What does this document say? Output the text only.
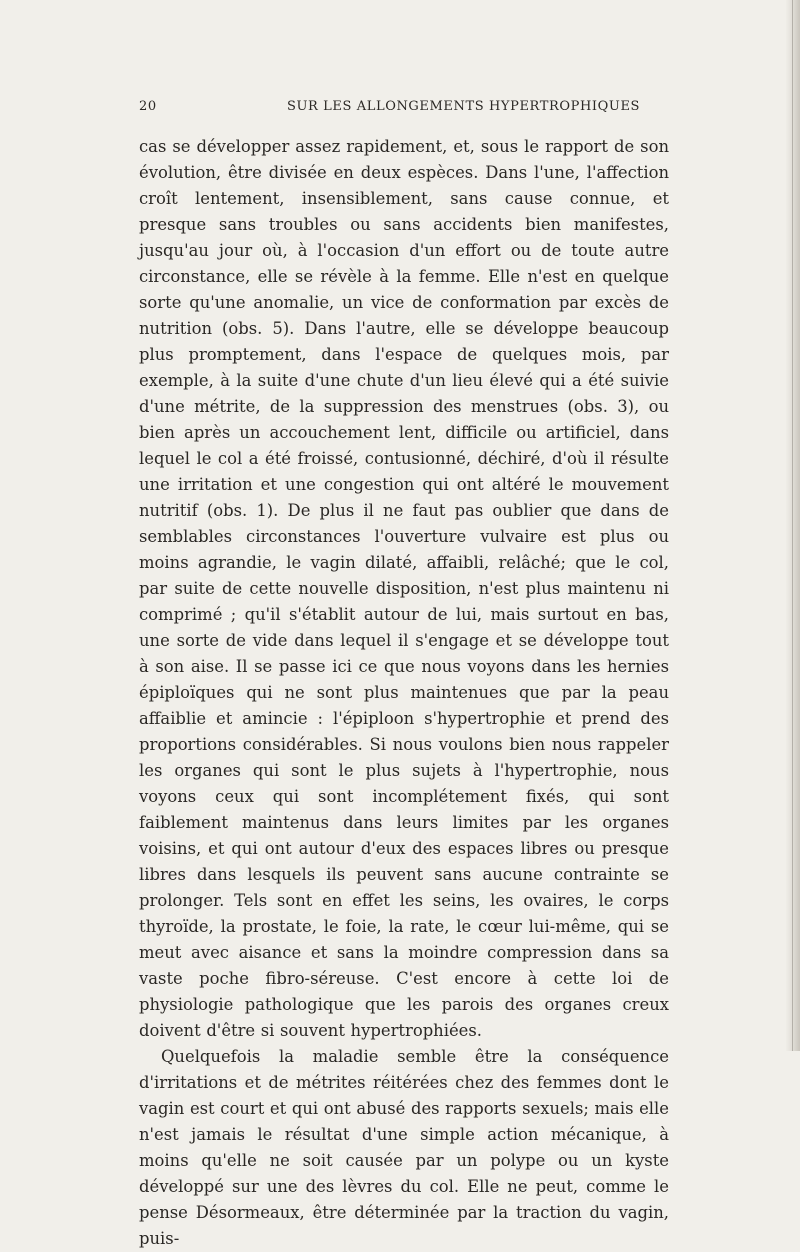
20	SUR LES ALLONGEMENTS HYPERTROPHIQUES

cas se développer assez rapidement, et, sous le rapport de son évolution, être divisée en deux espèces. Dans l'une, l'affection croît lentement, insensiblement, sans cause connue, et presque sans troubles ou sans accidents bien manifestes, jusqu'au jour où, à l'occasion d'un effort ou de toute autre circonstance, elle se révèle à la femme. Elle n'est en quelque sorte qu'une anomalie, un vice de conformation par excès de nutrition (obs. 5). Dans l'autre, elle se développe beaucoup plus promptement, dans l'espace de quelques mois, par exemple, à la suite d'une chute d'un lieu élevé qui a été suivie d'une métrite, de la suppression des menstrues (obs. 3), ou bien après un accouchement lent, difficile ou artificiel, dans lequel le col a été froissé, contusionné, déchiré, d'où il résulte une irritation et une congestion qui ont altéré le mouvement nutritif (obs. 1). De plus il ne faut pas oublier que dans de semblables circonstances l'ouverture vulvaire est plus ou moins agrandie, le vagin dilaté, affaibli, relâché; que le col, par suite de cette nouvelle disposition, n'est plus maintenu ni comprimé ; qu'il s'établit autour de lui, mais surtout en bas, une sorte de vide dans lequel il s'engage et se développe tout à son aise. Il se passe ici ce que nous voyons dans les hernies épiploïques qui ne sont plus maintenues que par la peau affaiblie et amincie : l'épiploon s'hypertrophie et prend des proportions considérables. Si nous voulons bien nous rappeler les organes qui sont le plus sujets à l'hypertrophie, nous voyons ceux qui sont incomplétement fixés, qui sont faiblement maintenus dans leurs limites par les organes voisins, et qui ont autour d'eux des espaces libres ou presque libres dans lesquels ils peuvent sans aucune contrainte se prolonger. Tels sont en effet les seins, les ovaires, le corps thyroïde, la prostate, le foie, la rate, le cœur lui-même, qui se meut avec aisance et sans la moindre compression dans sa vaste poche fibro-séreuse. C'est encore à cette loi de physiologie pathologique que les parois des organes creux doivent d'être si souvent hypertrophiées.

Quelquefois la maladie semble être la conséquence d'irritations et de métrites réitérées chez des femmes dont le vagin est court et qui ont abusé des rapports sexuels; mais elle n'est jamais le résultat d'une simple action mécanique, à moins qu'elle ne soit causée par un polype ou un kyste développé sur une des lèvres du col. Elle ne peut, comme le pense Désormeaux, être déterminée par la traction du vagin, puis-
